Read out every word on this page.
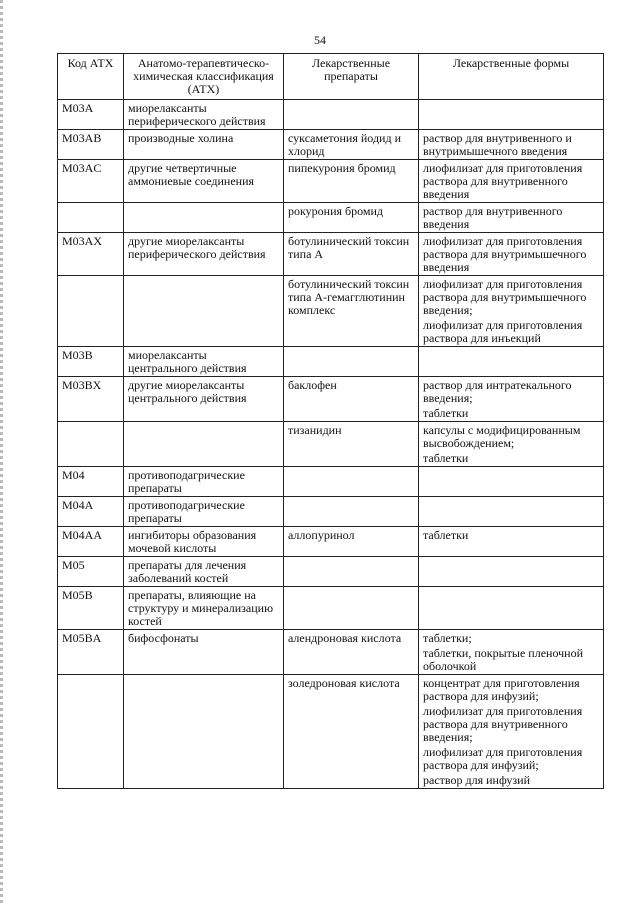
54
Код АТХ	Анатомо-терапевтическо-химическая классификация (АТХ)	Лекарственные препараты	Лекарственные формы
M03A	миорелаксанты периферического действия		
M03AB	производные холина	суксаметония йодид и хлорид	раствор для внутривенного и внутримышечного введения

M03AC	другие четвертичные аммониевые соединения	пипекурония бромид	лиофилизат для приготовления раствора для внутривенного введения

		рокурония бромид	раствор для внутривенного введения

M03AX	другие миорелаксанты периферического действия	ботулинический токсин типа А	лиофилизат для приготовления раствора для внутримышечного введения

		ботулинический токсин типа А-гемагглютинин комплекс	лиофилизат для приготовления раствора для внутримышечного введения;
лиофилизат для приготовления раствора для инъекций

M03B	миорелаксанты центрального действия		
M03BX	другие миорелаксанты центрального действия	баклофен	раствор для интратекального введения;
таблетки

		тизанидин	капсулы с модифицированным высвобождением;
таблетки

M04	противоподагрические препараты		
M04A	противоподагрические препараты		
M04AA	ингибиторы образования мочевой кислоты	аллопуринол	таблетки

M05	препараты для лечения заболеваний костей		
M05B	препараты, влияющие на структуру и минерализацию костей		
M05BA	бифосфонаты	алендроновая кислота	таблетки;
таблетки, покрытые пленочной оболочкой

		золедроновая кислота	концентрат для приготовления раствора для инфузий;
лиофилизат для приготовления раствора для внутривенного введения;
лиофилизат для приготовления раствора для инфузий;
раствор для инфузий
